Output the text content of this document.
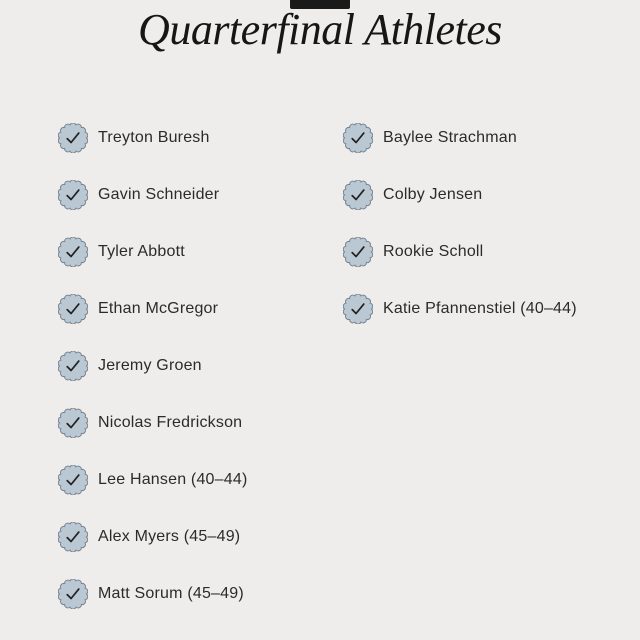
Quarterfinal Athletes
Treyton Buresh
Gavin Schneider
Tyler Abbott
Ethan McGregor
Jeremy Groen
Nicolas Fredrickson
Lee Hansen (40–44)
Alex Myers (45–49)
Matt Sorum (45–49)
Baylee Strachman
Colby Jensen
Rookie Scholl
Katie Pfannenstiel (40–44)
